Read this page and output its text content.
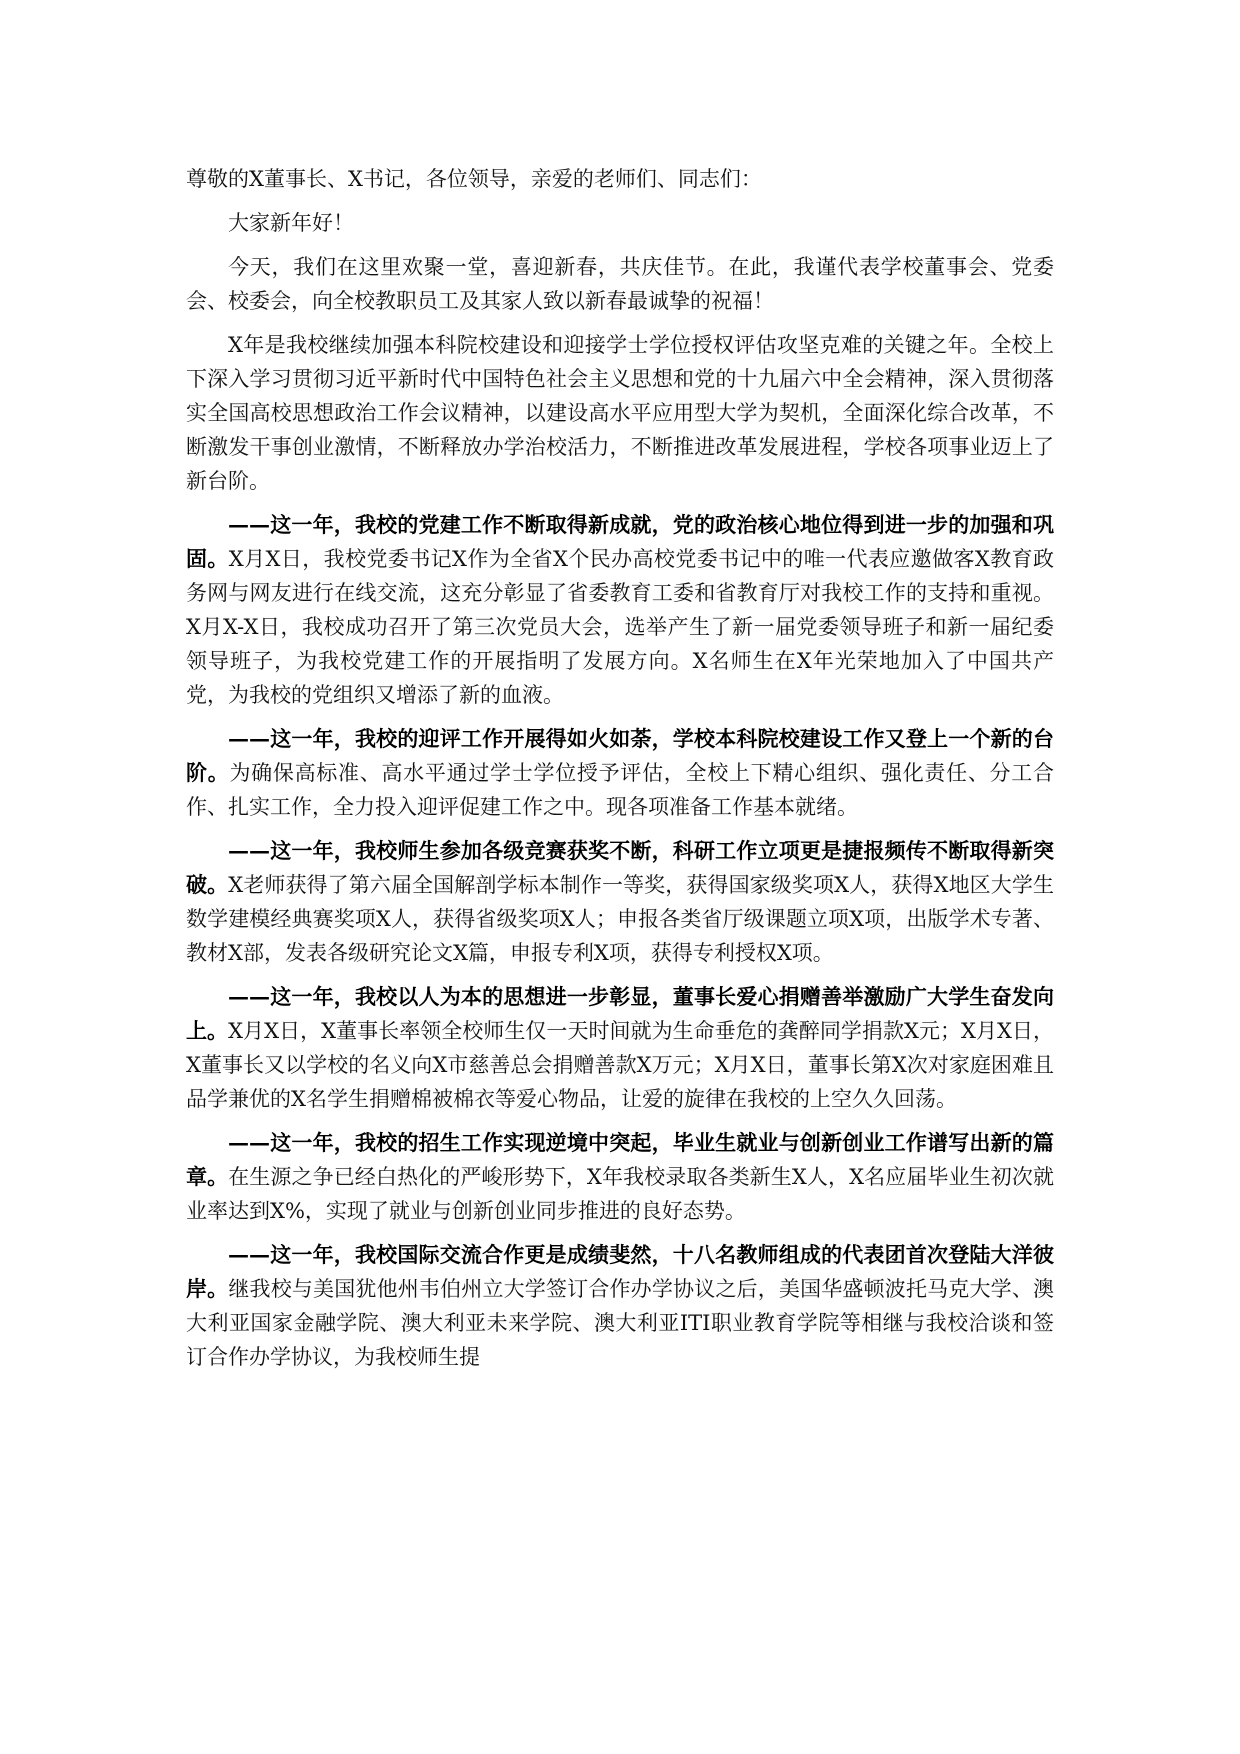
尊敬的X董事长、X书记，各位领导，亲爱的老师们、同志们：

大家新年好！

今天，我们在这里欢聚一堂，喜迎新春，共庆佳节。在此，我谨代表学校董事会、党委会、校委会，向全校教职员工及其家人致以新春最诚挚的祝福！

X年是我校继续加强本科院校建设和迎接学士学位授权评估攻坚克难的关键之年。全校上下深入学习贯彻习近平新时代中国特色社会主义思想和党的十九届六中全会精神，深入贯彻落实全国高校思想政治工作会议精神，以建设高水平应用型大学为契机，全面深化综合改革，不断激发干事创业激情，不断释放办学治校活力，不断推进改革发展进程，学校各项事业迈上了新台阶。

——这一年，我校的党建工作不断取得新成就，党的政治核心地位得到进一步的加强和巩固。X月X日，我校党委书记X作为全省X个民办高校党委书记中的唯一代表应邀做客X教育政务网与网友进行在线交流，这充分彰显了省委教育工委和省教育厅对我校工作的支持和重视。X月X-X日，我校成功召开了第三次党员大会，选举产生了新一届党委领导班子和新一届纪委领导班子，为我校党建工作的开展指明了发展方向。X名师生在X年光荣地加入了中国共产党，为我校的党组织又增添了新的血液。

——这一年，我校的迎评工作开展得如火如荼，学校本科院校建设工作又登上一个新的台阶。为确保高标准、高水平通过学士学位授予评估，全校上下精心组织、强化责任、分工合作、扎实工作，全力投入迎评促建工作之中。现各项准备工作基本就绪。

——这一年，我校师生参加各级竞赛获奖不断，科研工作立项更是捷报频传不断取得新突破。X老师获得了第六届全国解剖学标本制作一等奖，获得国家级奖项X人，获得X地区大学生数学建模经典赛奖项X人，获得省级奖项X人；申报各类省厅级课题立项X项，出版学术专著、教材X部，发表各级研究论文X篇，申报专利X项，获得专利授权X项。

——这一年，我校以人为本的思想进一步彰显，董事长爱心捐赠善举激励广大学生奋发向上。X月X日，X董事长率领全校师生仅一天时间就为生命垂危的龚醉同学捐款X元；X月X日，X董事长又以学校的名义向X市慈善总会捐赠善款X万元；X月X日，董事长第X次对家庭困难且品学兼优的X名学生捐赠棉被棉衣等爱心物品，让爱的旋律在我校的上空久久回荡。

——这一年，我校的招生工作实现逆境中突起，毕业生就业与创新创业工作谱写出新的篇章。在生源之争已经白热化的严峻形势下，X年我校录取各类新生X人，X名应届毕业生初次就业率达到X%，实现了就业与创新创业同步推进的良好态势。

——这一年，我校国际交流合作更是成绩斐然，十八名教师组成的代表团首次登陆大洋彼岸。继我校与美国犹他州韦伯州立大学签订合作办学协议之后，美国华盛顿波托马克大学、澳大利亚国家金融学院、澳大利亚未来学院、澳大利亚ITI职业教育学院等相继与我校洽谈和签订合作办学协议，为我校师生提
